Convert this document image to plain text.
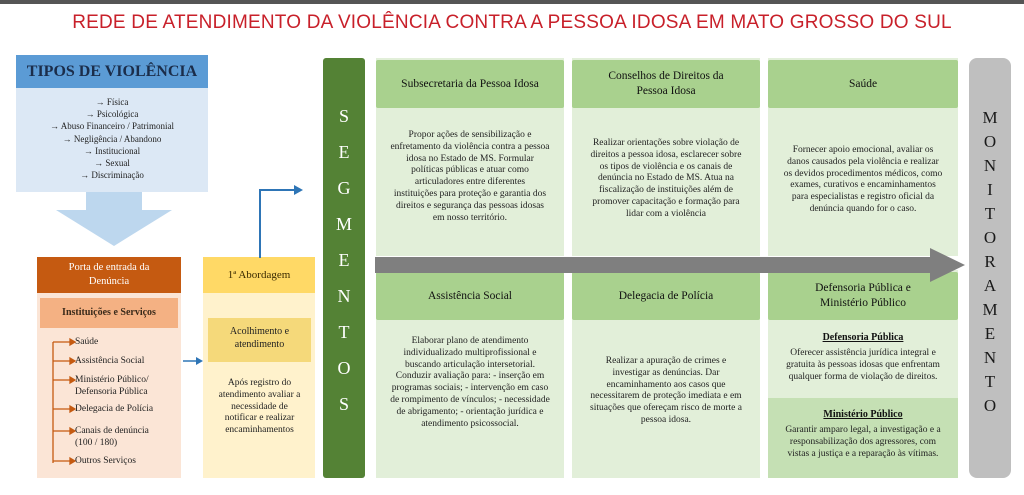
REDE DE ATENDIMENTO DA VIOLÊNCIA CONTRA A PESSOA IDOSA EM MATO GROSSO DO SUL
TIPOS DE VIOLÊNCIA
→ Física
→ Psicológica
→ Abuso Financeiro / Patrimonial
→ Negligência / Abandono
→ Institucional
→ Sexual
→ Discriminação
Porta de entrada da
Denúncia
Instituições e Serviços
Saúde
Assistência Social
Ministério Público/
Defensoria Pública
Delegacia de Polícia
Canais de denúncia
(100 / 180)
Outros Serviços
1ª Abordagem
Acolhimento e
atendimento
Após registro do
atendimento avaliar a
necessidade de
notificar e realizar
encaminhamentos
S
E
G
M
E
N
T
O
S
Subsecretaria da Pessoa Idosa
Propor ações de sensibilização e
enfretamento da violência contra a pessoa
idosa no Estado de MS. Formular
políticas públicas e atuar como
articuladores entre diferentes
instituições para proteção e garantia dos
direitos e segurança das pessoas idosas
em nosso território.
Conselhos de Direitos da
Pessoa Idosa
Realizar orientações sobre violação de
direitos a pessoa idosa, esclarecer sobre
os tipos de violência e os canais de
denúncia no Estado de MS. Atua na
fiscalização de instituições além de
promover capacitação e formação para
lidar com a violência
Saúde
Fornecer apoio emocional, avaliar os
danos causados pela violência e realizar
os devidos procedimentos médicos, como
exames, curativos e encaminhamentos
para especialistas e registro oficial da
denúncia quando for o caso.
Assistência Social
Elaborar plano de atendimento
individualizado multiprofissional e
buscando articulação intersetorial.
Conduzir avaliação para: - inserção em
programas sociais; - intervenção em caso
de rompimento de vínculos; - necessidade
de abrigamento; - orientação jurídica e
atendimento psicossocial.
Delegacia de Polícia
Realizar a apuração de crimes e
investigar as denúncias. Dar
encaminhamento aos casos que
necessitarem de proteção imediata e em
situações que ofereçam risco de morte a
pessoa idosa.
Defensoria Pública e
Ministério Público
Defensoria Pública
Oferecer assistência jurídica integral e
gratuita às pessoas idosas que enfrentam
qualquer forma de violação de direitos.
Ministério Público
Garantir amparo legal, a investigação e a
responsabilização dos agressores, com
vistas a justiça e a reparação às vítimas.
M
O
N
I
T
O
R
A
M
E
N
T
O
